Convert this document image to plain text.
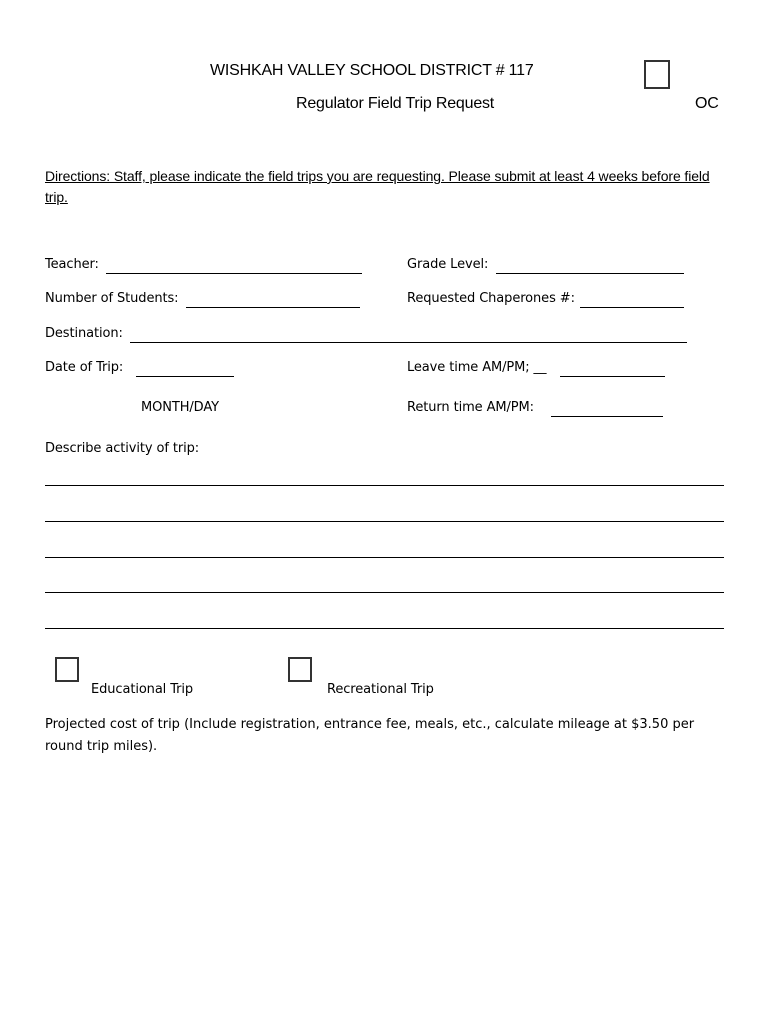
WISHKAH VALLEY SCHOOL DISTRICT # 117
Regulator Field Trip Request	OC
Directions: Staff, please indicate the field trips you are requesting. Please submit at least 4 weeks before field trip.
Teacher:	Grade Level:
Number of Students:	Requested Chaperones #:
Destination:
Date of Trip:	Leave time AM/PM; __
MONTH/DAY	Return time AM/PM:
Describe activity of trip:
Educational Trip	Recreational Trip
Projected cost of trip (Include registration, entrance fee, meals, etc., calculate mileage at $3.50 per round trip miles).
